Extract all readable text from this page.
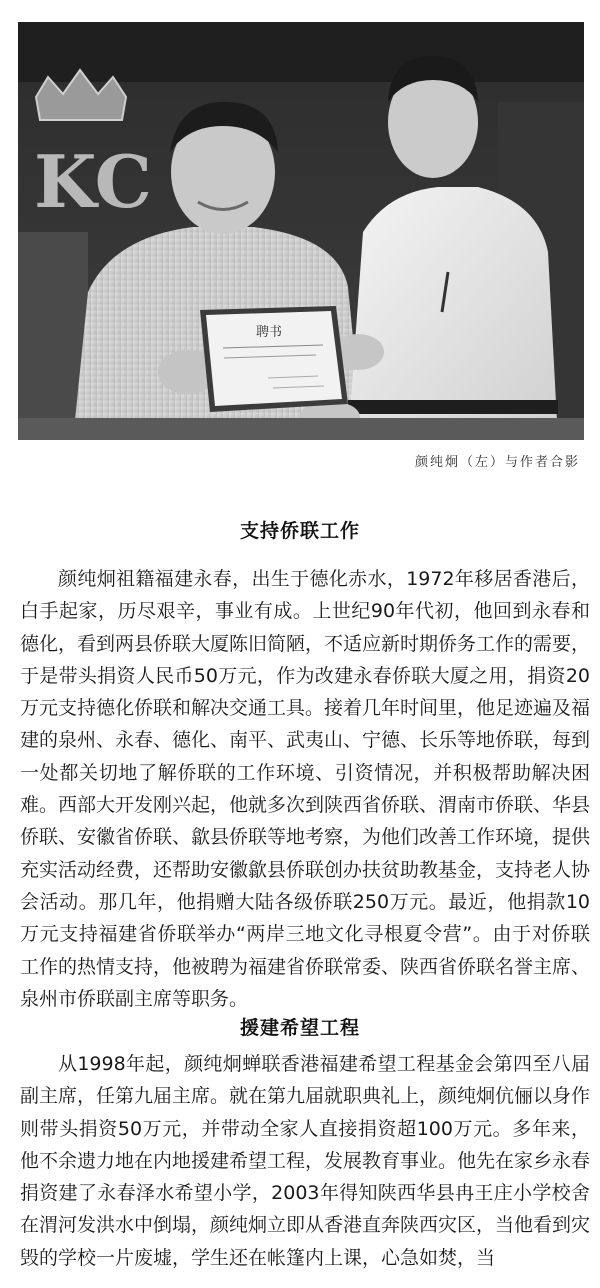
KC
聘书
颜纯炯（左）与作者合影
支持侨联工作

颜纯炯祖籍福建永春，出生于德化赤水，1972年移居香港后，白手起家，历尽艰辛，事业有成。上世纪90年代初，他回到永春和德化，看到两县侨联大厦陈旧简陋，不适应新时期侨务工作的需要，于是带头捐资人民币50万元，作为改建永春侨联大厦之用，捐资20万元支持德化侨联和解决交通工具。接着几年时间里，他足迹遍及福建的泉州、永春、德化、南平、武夷山、宁德、长乐等地侨联，每到一处都关切地了解侨联的工作环境、引资情况，并积极帮助解决困难。西部大开发刚兴起，他就多次到陕西省侨联、渭南市侨联、华县侨联、安徽省侨联、歙县侨联等地考察，为他们改善工作环境，提供充实活动经费，还帮助安徽歙县侨联创办扶贫助教基金，支持老人协会活动。那几年，他捐赠大陆各级侨联250万元。最近，他捐款10万元支持福建省侨联举办“两岸三地文化寻根夏令营”。由于对侨联工作的热情支持，他被聘为福建省侨联常委、陕西省侨联名誉主席、泉州市侨联副主席等职务。

援建希望工程

从1998年起，颜纯炯蝉联香港福建希望工程基金会第四至八届副主席，任第九届主席。就在第九届就职典礼上，颜纯炯伉俪以身作则带头捐资50万元，并带动全家人直接捐资超100万元。多年来，他不余遗力地在内地援建希望工程，发展教育事业。他先在家乡永春捐资建了永春泽水希望小学，2003年得知陕西华县冉王庄小学校舍在渭河发洪水中倒塌，颜纯炯立即从香港直奔陕西灾区，当他看到灾毁的学校一片废墟，学生还在帐篷内上课，心急如焚，当
